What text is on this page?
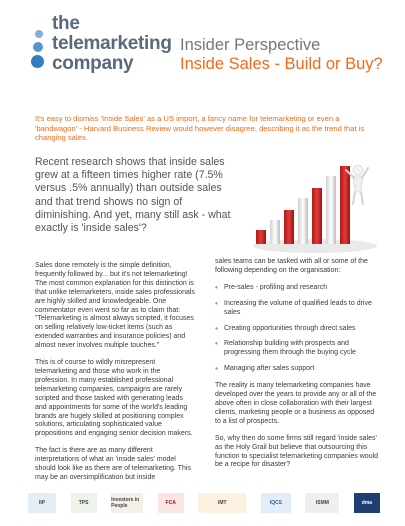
the
telemarketing
company
Insider Perspective
Inside Sales - Build or Buy?
It's easy to dismiss 'Inside Sales' as a US import, a fancy name for telemarketing or even a 'bandwagon' - Harvard Business Review would however disagree, describing it as the trend that is changing sales.

Recent research shows that inside sales grew at a fifteen times higher rate (7.5% versus .5% annually) than outside sales and that trend shows no sign of diminishing. And yet, many still ask - what exactly is 'inside sales'?

Sales done remotely is the simple definition, frequently followed by... but it's not telemarketing! The most common explanation for this distinction is that unlike telemarketers, inside sales professionals are highly skilled and knowledgeable. One commentator even went so far as to claim that: "Telemarketing is almost always scripted, it focuses on selling relatively low-ticket items (such as extended warranties and insurance policies) and almost never involves multiple touches."

This is of course to wildly misrepresent telemarketing and those who work in the profession. In many established professional telemarketing companies, campaigns are rarely scripted and those tasked with generating leads and appointments for some of the world's leading brands are hugely skilled at positioning complex solutions, articulating sophisticated value propositions and engaging senior decision makers.

The fact is there are as many different interpretations of what an 'inside sales' model should look like as there are of telemarketing. This may be an oversimplification but inside

sales teams can be tasked with all or some of the following depending on the organisation:

• Pre-sales - profiling and research
• Increasing the volume of qualified leads to drive sales
• Creating opportunities through direct sales
• Relationship building with prospects and progressing them through the buying cycle
• Managing after sales support

The reality is many telemarketing companies have developed over the years to provide any or all of the above often in close collaboration with their largest clients, marketing people or a business as opposed to a list of prospects.

So, why then do some firms still regard 'inside sales' as the Holy Grail but believe that outsourcing this function to specialist telemarketing companies would be a recipe for disaster?

IIP	TPS	Investors in People	FCA	IMT	IQCS	ISMM	dma
